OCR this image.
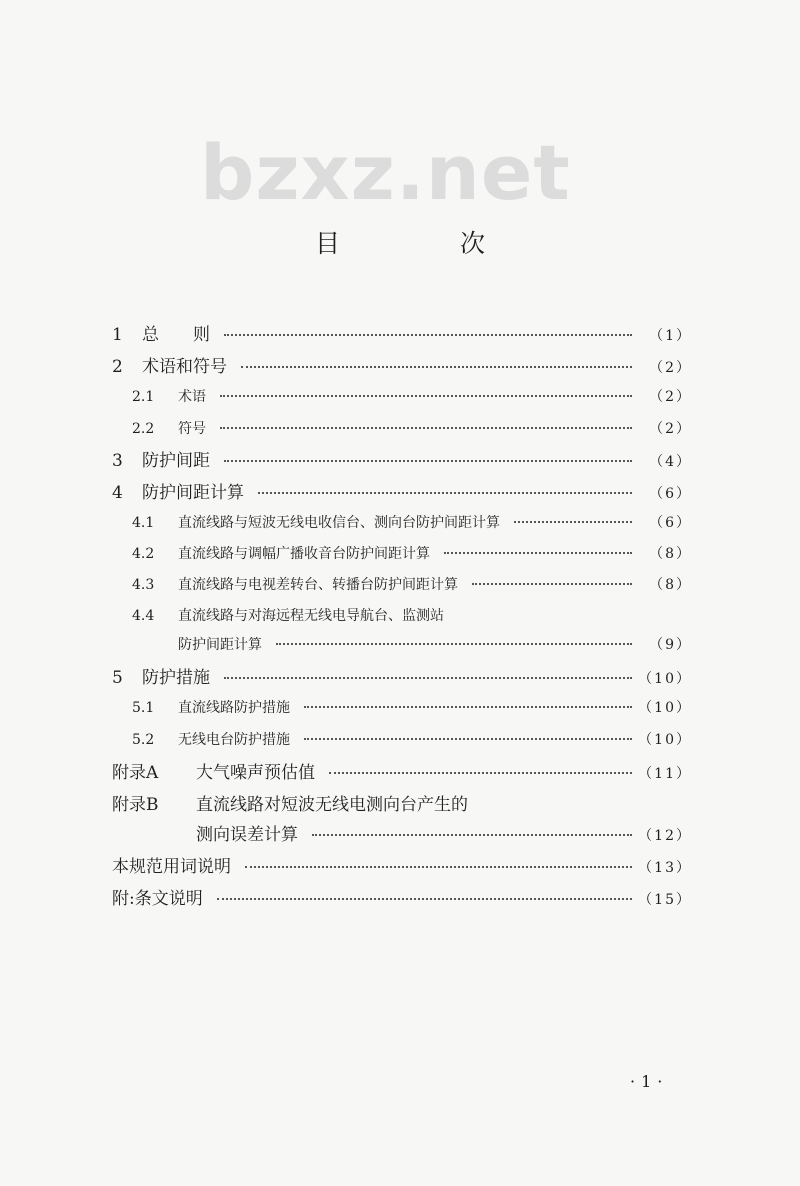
bzxz.net
目 次
1	总　　则	（1）
2	术语和符号	（2）
2.1	术语	（2）
2.2	符号	（2）
3	防护间距	（4）
4	防护间距计算	（6）
4.1	直流线路与短波无线电收信台、测向台防护间距计算	（6）
4.2	直流线路与调幅广播收音台防护间距计算	（8）
4.3	直流线路与电视差转台、转播台防护间距计算	（8）
4.4	直流线路与对海远程无线电导航台、监测站
防护间距计算	（9）
5	防护措施	（10）
5.1	直流线路防护措施	（10）
5.2	无线电台防护措施	（10）
附录A	大气噪声预估值	（11）
附录B	直流线路对短波无线电测向台产生的
测向误差计算	（12）
本规范用词说明	（13）
附:条文说明	（15）
·1·
